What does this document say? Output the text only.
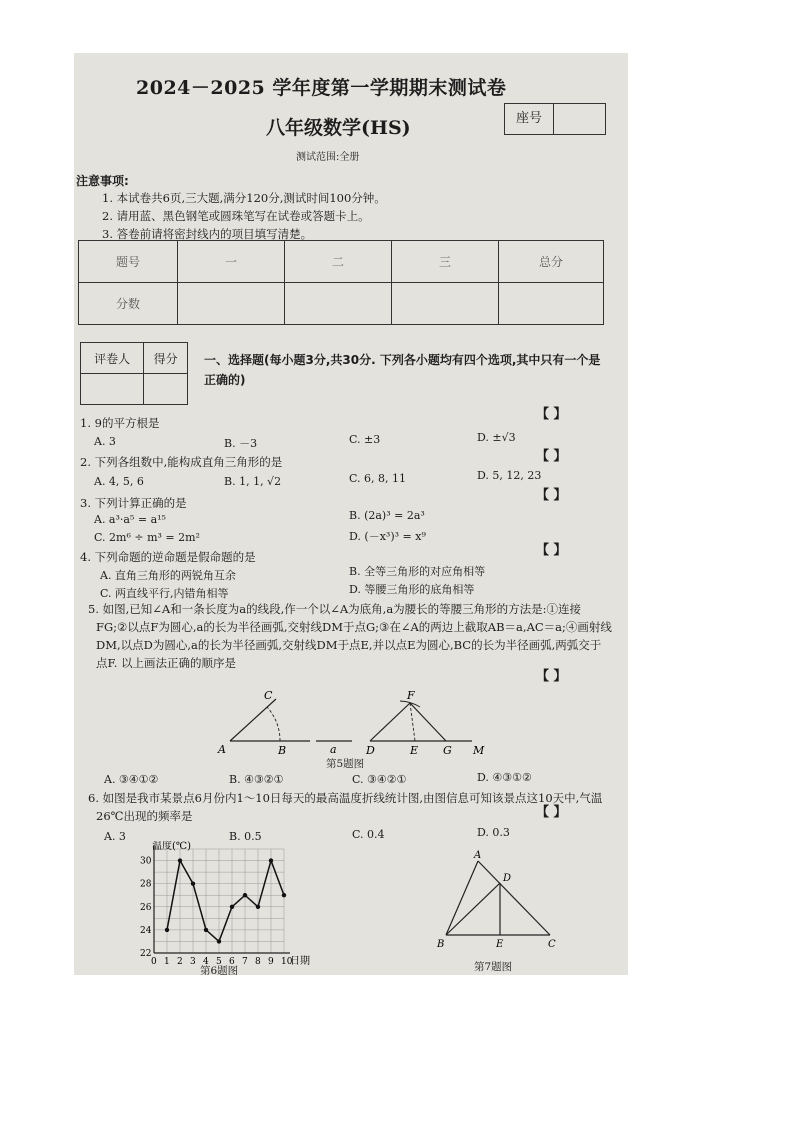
2024－2025 学年度第一学期期末测试卷
八年级数学(HS)	座号
测试范围:全册
注意事项:
1. 本试卷共6页,三大题,满分120分,测试时间100分钟。
2. 请用蓝、黑色钢笔或圆珠笔写在试卷或答题卡上。
3. 答卷前请将密封线内的项目填写清楚。
题号	一	二	三	总分
分数				
评卷人	得分
	一、选择题(每小题3分,共30分. 下列各小题均有四个选项,其中只有一个是正确的)
1. 9的平方根是
【 】
A. 3	B. －3	C. ±3	D. ±√3
2. 下列各组数中,能构成直角三角形的是	【 】
A. 4, 5, 6	B. 1, 1, √2	C. 6, 8, 11	D. 5, 12, 23
3. 下列计算正确的是	【 】
A. a³·a⁵ = a¹⁵	B. (2a)³ = 2a³
C. 2m⁶ ÷ m³ = 2m²	D. (－x³)³ = x⁹
4. 下列命题的逆命题是假命题的是	【 】
A. 直角三角形的两锐角互余	B. 全等三角形的对应角相等
C. 两直线平行,内错角相等	D. 等腰三角形的底角相等
5. 如图,已知∠A和一条长度为a的线段,作一个以∠A为底角,a为腰长的等腰三角形的方法是:①连接FG;②以点F为圆心,a的长为半径画弧,交射线DM于点G;③在∠A的两边上截取AB＝a,AC＝a;④画射线DM,以点D为圆心,a的长为半径画弧,交射线DM于点E,并以点E为圆心,BC的长为半径画弧,两弧交于点F. 以上画法正确的顺序是
【 】
A	B
C
a	D	E
F
G M
第5题图
A. ③④①②	B. ④③②①	C. ③④②①	D. ④③①②
6. 如图是我市某景点6月份内1～10日每天的最高温度折线统计图,由图信息可知该景点这10天中,气温26℃出现的频率是	【 】
A. 3	B. 0.5	C. 0.4	D. 0.3
0 1 2 3 4 5 6 7 8 9 10
22
24
26
28
30
温度(℃)
日期
第6题图
A
B	C
D
E
第7题图
